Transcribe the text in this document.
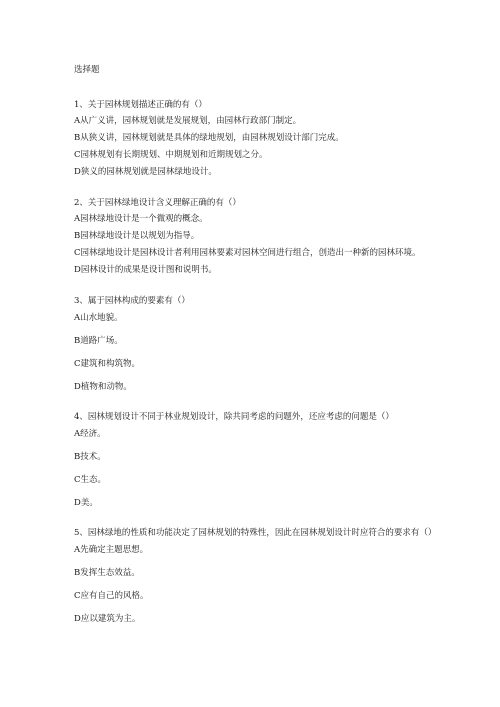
选择题

1、关于园林规划描述正确的有（）

A从广义讲，园林规划就是发展规划，由园林行政部门制定。

B从狭义讲，园林规划就是具体的绿地规划，由园林规划设计部门完成。

C园林规划有长期规划、中期规划和近期规划之分。

D狭义的园林规划就是园林绿地设计。

2、关于园林绿地设计含义理解正确的有（）

A园林绿地设计是一个微观的概念。

B园林绿地设计是以规划为指导。

C园林绿地设计是园林设计者利用园林要素对园林空间进行组合，创造出一种新的园林环境。

D园林设计的成果是设计图和说明书。

3、属于园林构成的要素有（）

A山水地貌。

B道路广场。

C建筑和构筑物。

D植物和动物。

4、园林规划设计不同于林业规划设计，除共同考虑的问题外，还应考虑的问题是（）

A经济。

B技术。

C生态。

D美。

5、园林绿地的性质和功能决定了园林规划的特殊性，因此在园林规划设计时应符合的要求有（）

A先确定主题思想。

B发挥生态效益。

C应有自己的风格。

D应以建筑为主。
